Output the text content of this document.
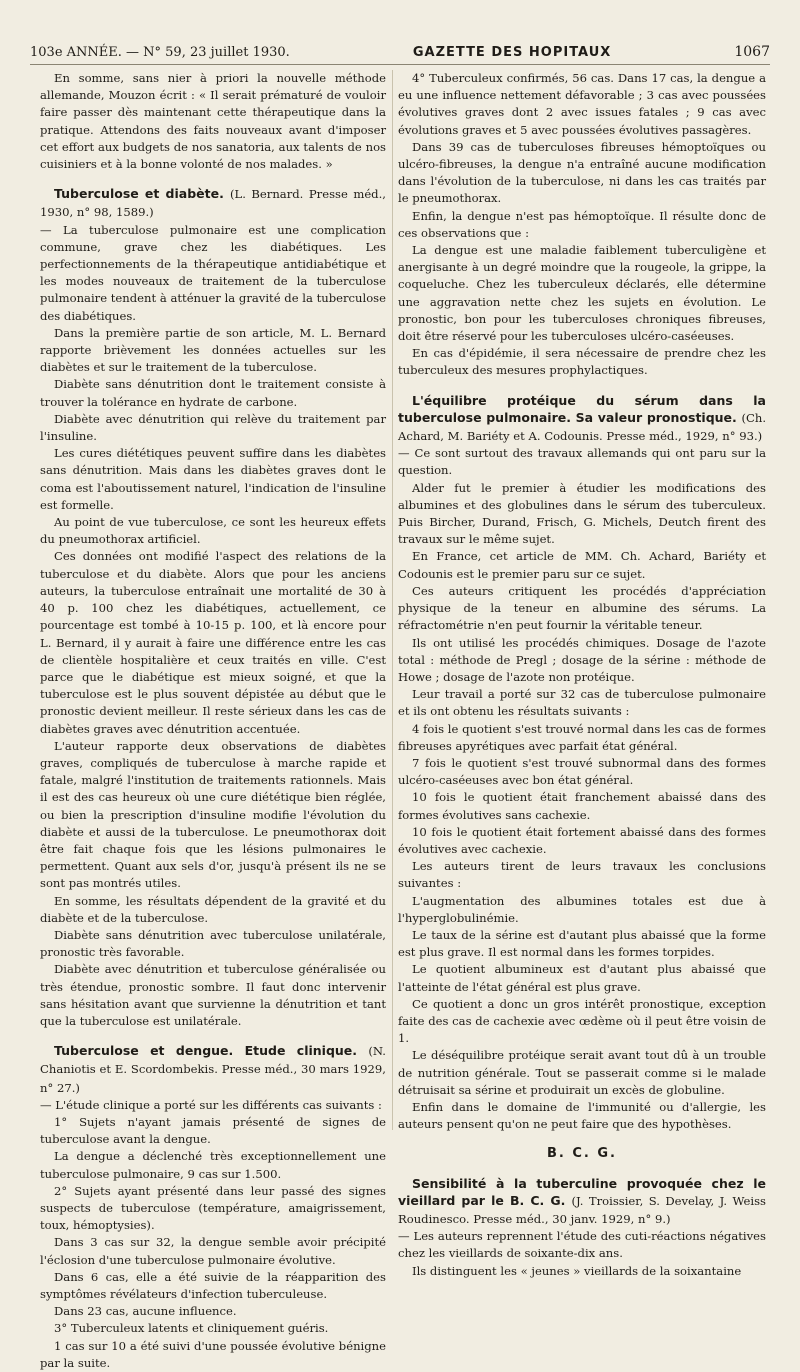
103e ANNÉE. — N° 59, 23 juillet 1930.	GAZETTE DES HOPITAUX	1067

En somme, sans nier à priori la nouvelle méthode allemande, Mouzon écrit : « Il serait prématuré de vouloir faire passer dès maintenant cette thérapeutique dans la pratique. Attendons des faits nouveaux avant d'imposer cet effort aux budgets de nos sanatoria, aux talents de nos cuisiniers et à la bonne volonté de nos malades. »

Tuberculose et diabète. (L. Bernard. Presse méd., 1930, n° 98, 1589.)

— La tuberculose pulmonaire est une complication commune, grave chez les diabétiques. Les perfectionnements de la thérapeutique antidiabétique et les modes nouveaux de traitement de la tuberculose pulmonaire tendent à atténuer la gravité de la tuberculose des diabétiques.

Dans la première partie de son article, M. L. Bernard rapporte brièvement les données actuelles sur les diabètes et sur le traitement de la tuberculose.

Diabète sans dénutrition dont le traitement consiste à trouver la tolérance en hydrate de carbone.

Diabète avec dénutrition qui relève du traitement par l'insuline.

Les cures diététiques peuvent suffire dans les diabètes sans dénutrition. Mais dans les diabètes graves dont le coma est l'aboutissement naturel, l'indication de l'insuline est formelle.

Au point de vue tuberculose, ce sont les heureux effets du pneumothorax artificiel.

Ces données ont modifié l'aspect des relations de la tuberculose et du diabète. Alors que pour les anciens auteurs, la tuberculose entraînait une mortalité de 30 à 40 p. 100 chez les diabétiques, actuellement, ce pourcentage est tombé à 10-15 p. 100, et là encore pour L. Bernard, il y aurait à faire une différence entre les cas de clientèle hospitalière et ceux traités en ville. C'est parce que le diabétique est mieux soigné, et que la tuberculose est le plus souvent dépistée au début que le pronostic devient meilleur. Il reste sérieux dans les cas de diabètes graves avec dénutrition accentuée.

L'auteur rapporte deux observations de diabètes graves, compliqués de tuberculose à marche rapide et fatale, malgré l'institution de traitements rationnels. Mais il est des cas heureux où une cure diététique bien réglée, ou bien la prescription d'insuline modifie l'évolution du diabète et aussi de la tuberculose. Le pneumothorax doit être fait chaque fois que les lésions pulmonaires le permettent. Quant aux sels d'or, jusqu'à présent ils ne se sont pas montrés utiles.

En somme, les résultats dépendent de la gravité et du diabète et de la tuberculose.

Diabète sans dénutrition avec tuberculose unilatérale, pronostic très favorable.

Diabète avec dénutrition et tuberculose généralisée ou très étendue, pronostic sombre. Il faut donc intervenir sans hésitation avant que survienne la dénutrition et tant que la tuberculose est unilatérale.

Tuberculose et dengue. Etude clinique. (N. Chaniotis et E. Scordombekis. Presse méd., 30 mars 1929, n° 27.)

— L'étude clinique a porté sur les différents cas suivants :

1° Sujets n'ayant jamais présenté de signes de tuberculose avant la dengue.

La dengue a déclenché très exceptionnellement une tuberculose pulmonaire, 9 cas sur 1.500.

2° Sujets ayant présenté dans leur passé des signes suspects de tuberculose (température, amaigrissement, toux, hémoptysies).

Dans 3 cas sur 32, la dengue semble avoir précipité l'éclosion d'une tuberculose pulmonaire évolutive.

Dans 6 cas, elle a été suivie de la réapparition des symptômes révélateurs d'infection tuberculeuse.

Dans 23 cas, aucune influence.

3° Tuberculeux latents et cliniquement guéris.

1 cas sur 10 a été suivi d'une poussée évolutive bénigne par la suite.

4° Tuberculeux confirmés, 56 cas. Dans 17 cas, la dengue a eu une influence nettement défavorable ; 3 cas avec poussées évolutives graves dont 2 avec issues fatales ; 9 cas avec évolutions graves et 5 avec poussées évolutives passagères.

Dans 39 cas de tuberculoses fibreuses hémoptoïques ou ulcéro-fibreuses, la dengue n'a entraîné aucune modification dans l'évolution de la tuberculose, ni dans les cas traités par le pneumothorax.

Enfin, la dengue n'est pas hémoptoïque. Il résulte donc de ces observations que :

La dengue est une maladie faiblement tuberculigène et anergisante à un degré moindre que la rougeole, la grippe, la coqueluche. Chez les tuberculeux déclarés, elle détermine une aggravation nette chez les sujets en évolution. Le pronostic, bon pour les tuberculoses chroniques fibreuses, doit être réservé pour les tuberculoses ulcéro-caséeuses.

En cas d'épidémie, il sera nécessaire de prendre chez les tuberculeux des mesures prophylactiques.

L'équilibre protéique du sérum dans la tuberculose pulmonaire. Sa valeur pronostique. (Ch. Achard, M. Bariéty et A. Codounis. Presse méd., 1929, n° 93.)

— Ce sont surtout des travaux allemands qui ont paru sur la question.

Alder fut le premier à étudier les modifications des albumines et des globulines dans le sérum des tuberculeux. Puis Bircher, Durand, Frisch, G. Michels, Deutch firent des travaux sur le même sujet.

En France, cet article de MM. Ch. Achard, Bariéty et Codounis est le premier paru sur ce sujet.

Ces auteurs critiquent les procédés d'appréciation physique de la teneur en albumine des sérums. La réfractométrie n'en peut fournir la véritable teneur.

Ils ont utilisé les procédés chimiques. Dosage de l'azote total : méthode de Pregl ; dosage de la sérine : méthode de Howe ; dosage de l'azote non protéique.

Leur travail a porté sur 32 cas de tuberculose pulmonaire et ils ont obtenu les résultats suivants :

4 fois le quotient s'est trouvé normal dans les cas de formes fibreuses apyrétiques avec parfait état général.

7 fois le quotient s'est trouvé subnormal dans des formes ulcéro-caséeuses avec bon état général.

10 fois le quotient était franchement abaissé dans des formes évolutives sans cachexie.

10 fois le quotient était fortement abaissé dans des formes évolutives avec cachexie.

Les auteurs tirent de leurs travaux les conclusions suivantes :

L'augmentation des albumines totales est due à l'hyperglobulinémie.

Le taux de la sérine est d'autant plus abaissé que la forme est plus grave. Il est normal dans les formes torpides.

Le quotient albumineux est d'autant plus abaissé que l'atteinte de l'état général est plus grave.

Ce quotient a donc un gros intérêt pronostique, exception faite des cas de cachexie avec œdème où il peut être voisin de 1.

Le déséquilibre protéique serait avant tout dû à un trouble de nutrition générale. Tout se passerait comme si le malade détruisait sa sérine et produirait un excès de globuline.

Enfin dans le domaine de l'immunité ou d'allergie, les auteurs pensent qu'on ne peut faire que des hypothèses.

B. C. G.
Sensibilité à la tuberculine provoquée chez le vieillard par le B. C. G. (J. Troissier, S. Develay, J. Weiss Roudinesco. Presse méd., 30 janv. 1929, n° 9.)

— Les auteurs reprennent l'étude des cuti-réactions négatives chez les vieillards de soixante-dix ans.

Ils distinguent les « jeunes » vieillards de la soixantaine
